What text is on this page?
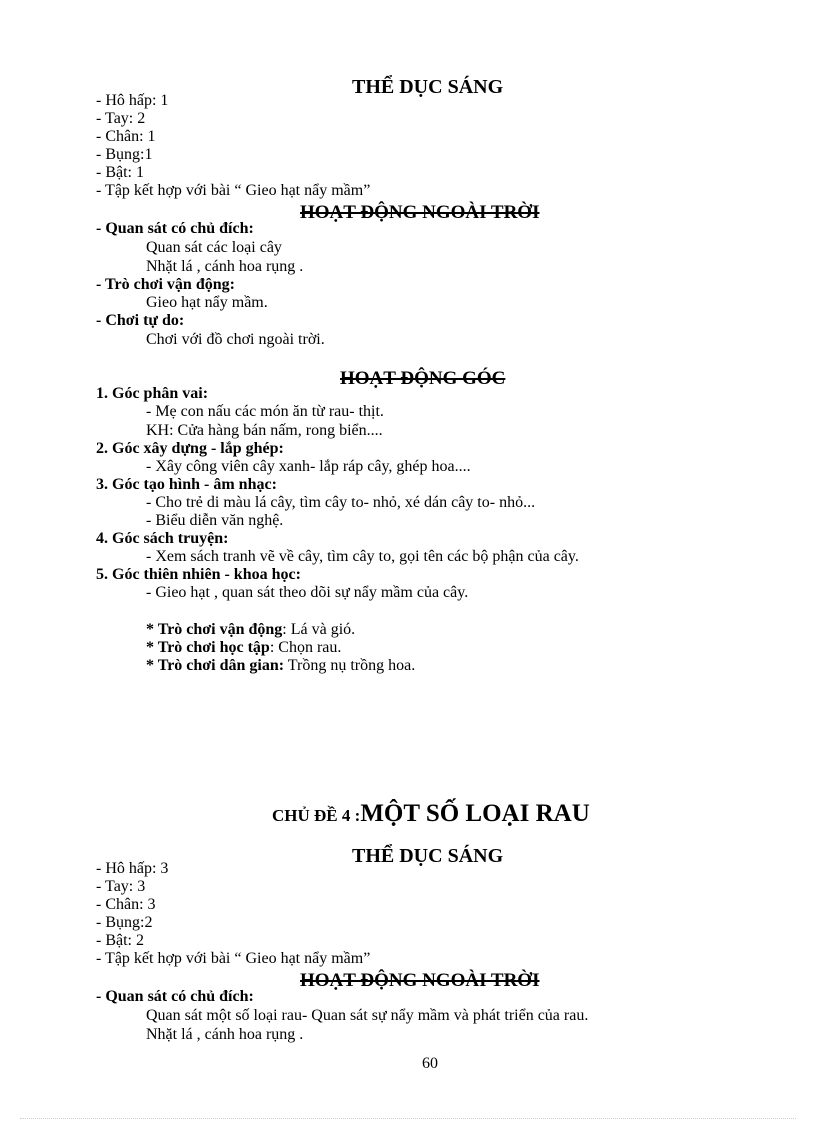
THỂ DỤC SÁNG
- Hô hấp: 1
- Tay: 2
- Chân: 1
- Bụng:1
- Bật: 1
- Tập kết hợp với bài “ Gieo hạt nẩy mầm”
HOẠT ĐỘNG NGOÀI TRỜI
- Quan sát có chủ đích:
Quan sát các loại cây
Nhặt lá , cánh hoa rụng .
- Trò chơi vận động:
Gieo hạt nẩy mầm.
- Chơi tự do:
Chơi với đồ chơi ngoài trời.
HOẠT ĐỘNG GÓC
1. Góc phân vai:
- Mẹ con nấu các món ăn từ rau- thịt.
KH: Cửa hàng bán nấm, rong biển....
2. Góc xây dựng - lắp ghép:
- Xây công viên cây xanh- lắp ráp cây, ghép hoa....
3. Góc tạo hình - âm nhạc:
- Cho trẻ di màu lá cây, tìm cây to- nhỏ, xé dán cây to- nhỏ...
- Biểu diễn văn nghệ.
4. Góc sách truyện:
- Xem sách tranh vẽ về cây, tìm cây to, gọi tên các bộ phận của cây.
5. Góc thiên nhiên - khoa học:
- Gieo hạt , quan sát theo dõi sự nẩy mầm của cây.
* Trò chơi vận động: Lá và gió.
* Trò chơi học tập: Chọn rau.
* Trò chơi dân gian: Trồng nụ trồng hoa.
CHỦ ĐỀ 4 :MỘT SỐ LOẠI RAU
THỂ DỤC SÁNG
- Hô hấp: 3
- Tay: 3
- Chân: 3
- Bụng:2
- Bật: 2
- Tập kết hợp với bài “ Gieo hạt nẩy mầm”
HOẠT ĐỘNG NGOÀI TRỜI
- Quan sát có chủ đích:
Quan sát một số loại rau- Quan sát sự nẩy mầm và phát triển của rau.
Nhặt lá , cánh hoa rụng .
60
